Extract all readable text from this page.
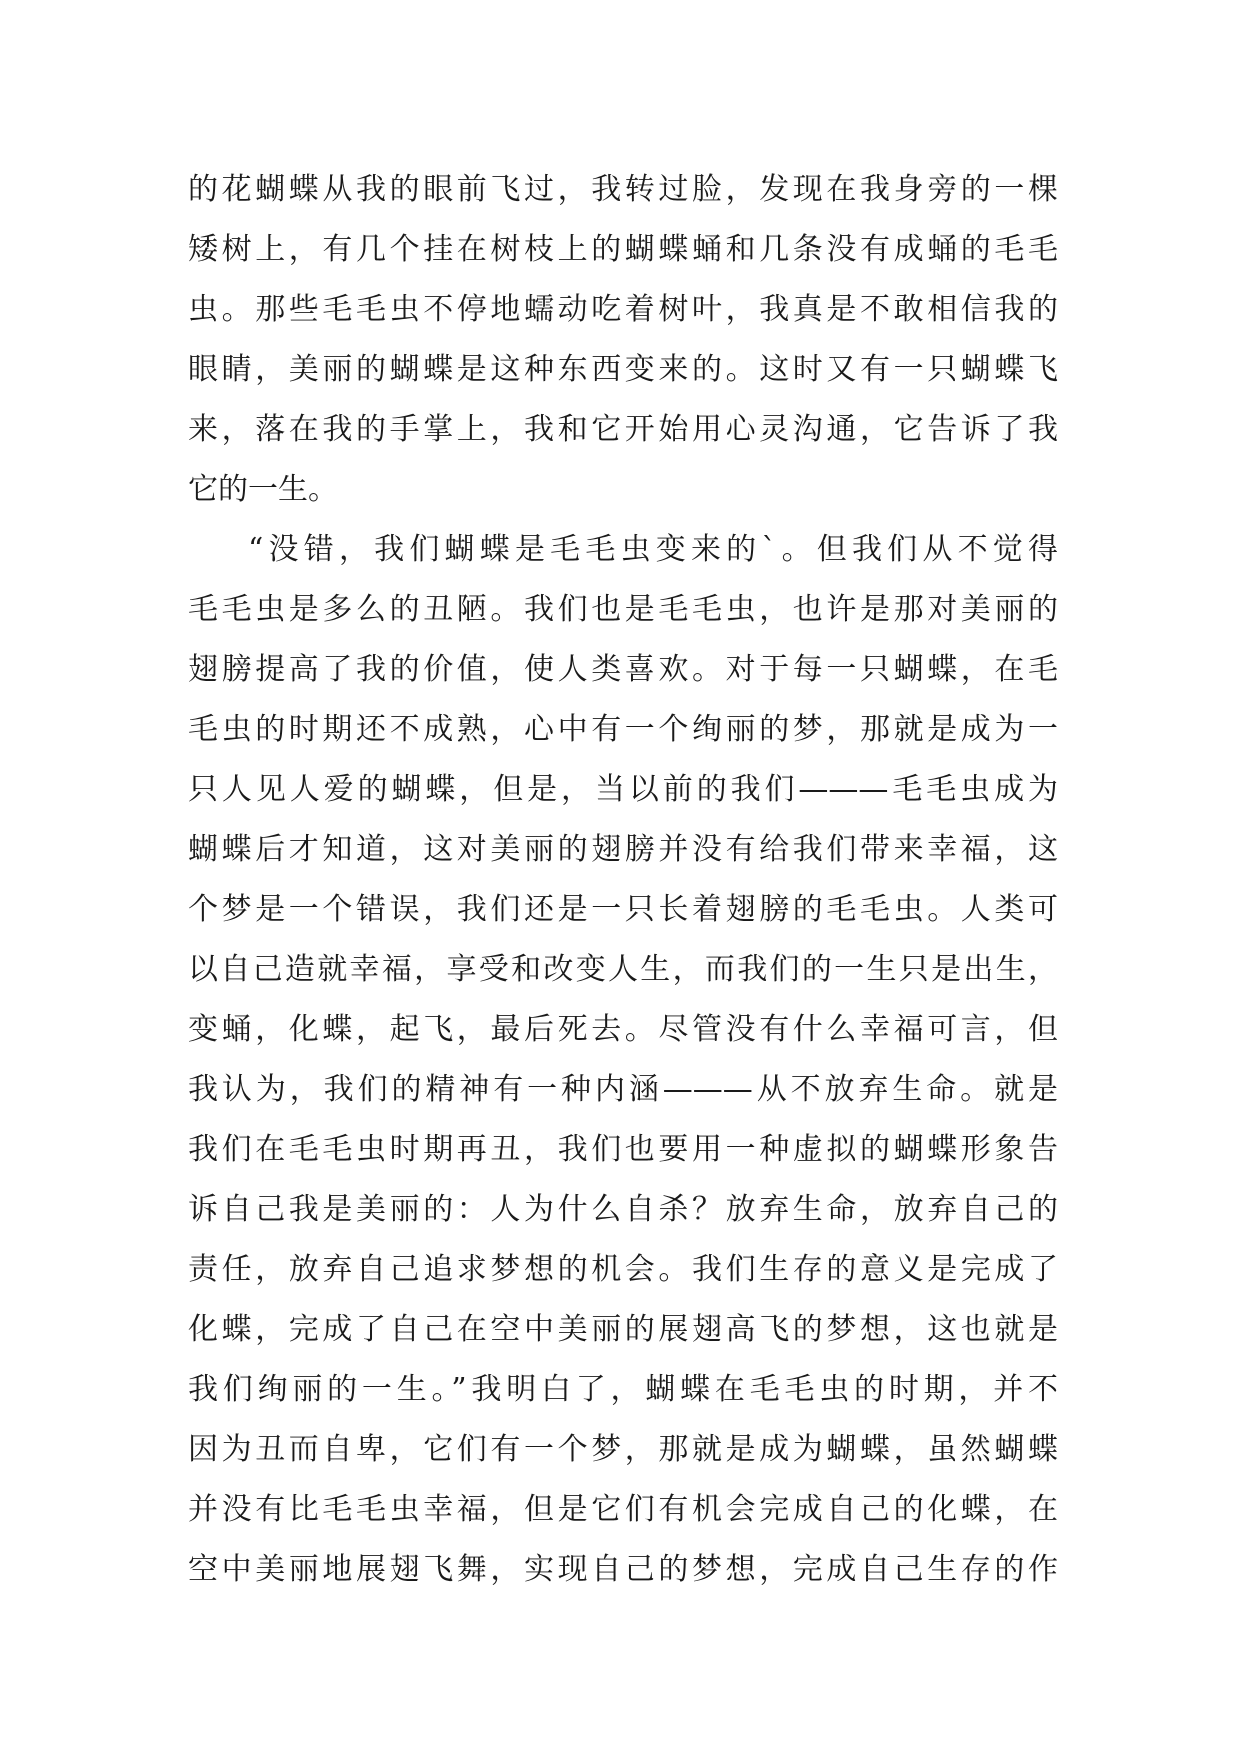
的花蝴蝶从我的眼前飞过，我转过脸，发现在我身旁的一棵
矮树上，有几个挂在树枝上的蝴蝶蛹和几条没有成蛹的毛毛
虫。那些毛毛虫不停地蠕动吃着树叶，我真是不敢相信我的
眼睛，美丽的蝴蝶是这种东西变来的。这时又有一只蝴蝶飞
来，落在我的手掌上，我和它开始用心灵沟通，它告诉了我
它的一生。
“没错，我们蝴蝶是毛毛虫变来的`。但我们从不觉得
毛毛虫是多么的丑陋。我们也是毛毛虫，也许是那对美丽的
翅膀提高了我的价值，使人类喜欢。对于每一只蝴蝶，在毛
毛虫的时期还不成熟，心中有一个绚丽的梦，那就是成为一
只人见人爱的蝴蝶，但是，当以前的我们———毛毛虫成为
蝴蝶后才知道，这对美丽的翅膀并没有给我们带来幸福，这
个梦是一个错误，我们还是一只长着翅膀的毛毛虫。人类可
以自己造就幸福，享受和改变人生，而我们的一生只是出生，
变蛹，化蝶，起飞，最后死去。尽管没有什么幸福可言，但
我认为，我们的精神有一种内涵———从不放弃生命。就是
我们在毛毛虫时期再丑，我们也要用一种虚拟的蝴蝶形象告
诉自己我是美丽的：人为什么自杀？放弃生命，放弃自己的
责任，放弃自己追求梦想的机会。我们生存的意义是完成了
化蝶，完成了自己在空中美丽的展翅高飞的梦想，这也就是
我们绚丽的一生。”我明白了，蝴蝶在毛毛虫的时期，并不
因为丑而自卑，它们有一个梦，那就是成为蝴蝶，虽然蝴蝶
并没有比毛毛虫幸福，但是它们有机会完成自己的化蝶，在
空中美丽地展翅飞舞，实现自己的梦想，完成自己生存的作
